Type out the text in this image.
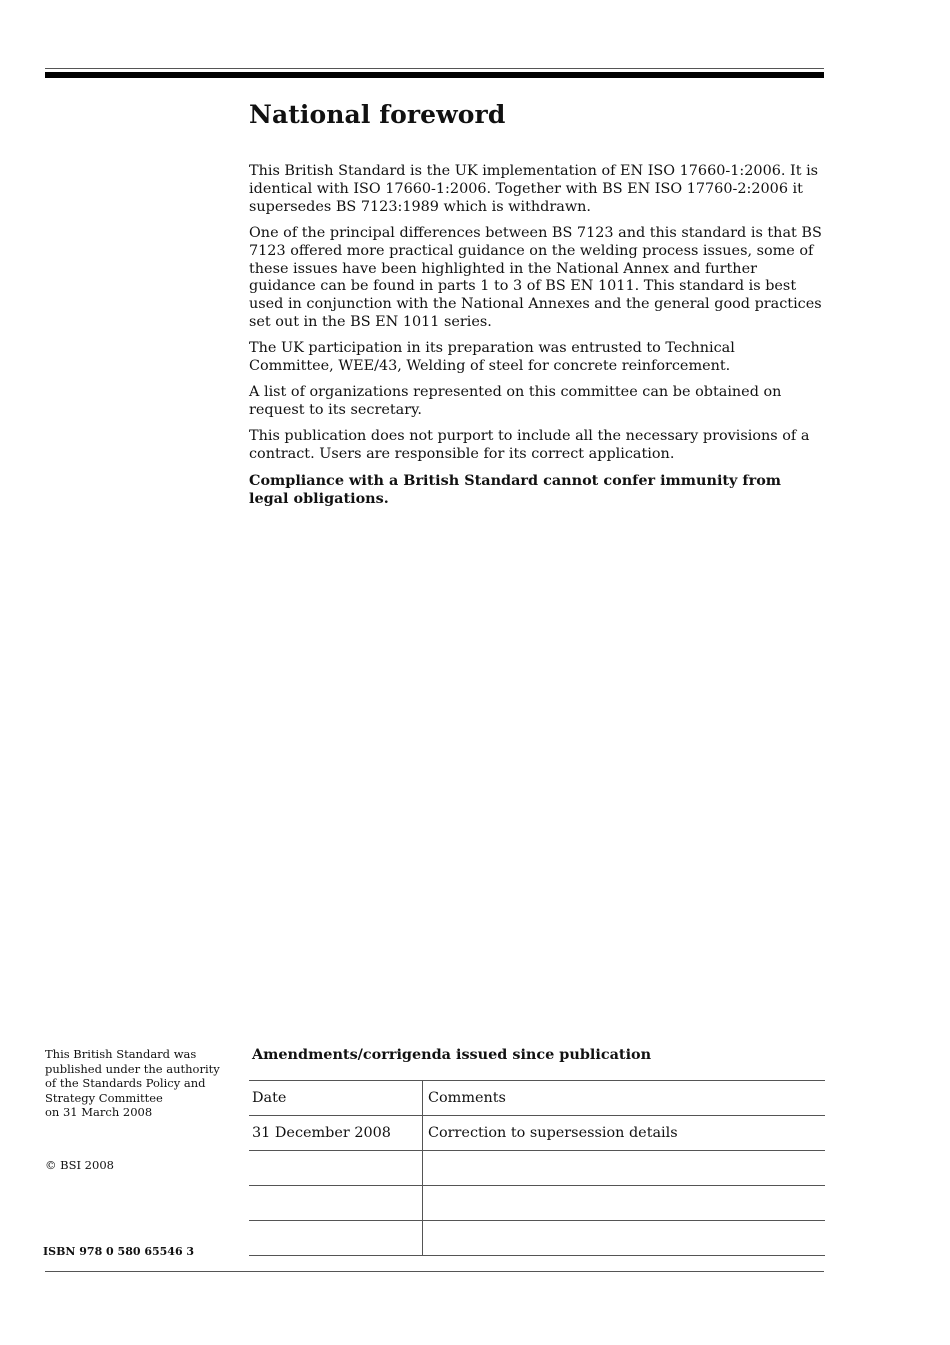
National foreword

This British Standard is the UK implementation of EN ISO 17660-1:2006. It is identical with ISO 17660-1:2006. Together with BS EN ISO 17760-2:2006 it supersedes BS 7123:1989 which is withdrawn.

One of the principal differences between BS 7123 and this standard is that BS 7123 offered more practical guidance on the welding process issues, some of these issues have been highlighted in the National Annex and further guidance can be found in parts 1 to 3 of BS EN 1011. This standard is best used in conjunction with the National Annexes and the general good practices set out in the BS EN 1011 series.

The UK participation in its preparation was entrusted to Technical Committee, WEE/43, Welding of steel for concrete reinforcement.

A list of organizations represented on this committee can be obtained on request to its secretary.

This publication does not purport to include all the necessary provisions of a contract. Users are responsible for its correct application.

Compliance with a British Standard cannot confer immunity from legal obligations.

This British Standard was
published under the authority
of the Standards Policy and
Strategy Committee
on 31 March 2008
© BSI 2008
ISBN 978 0 580 65546 3
Amendments/corrigenda issued since publication
Date	Comments
31 December 2008	Correction to supersession details
